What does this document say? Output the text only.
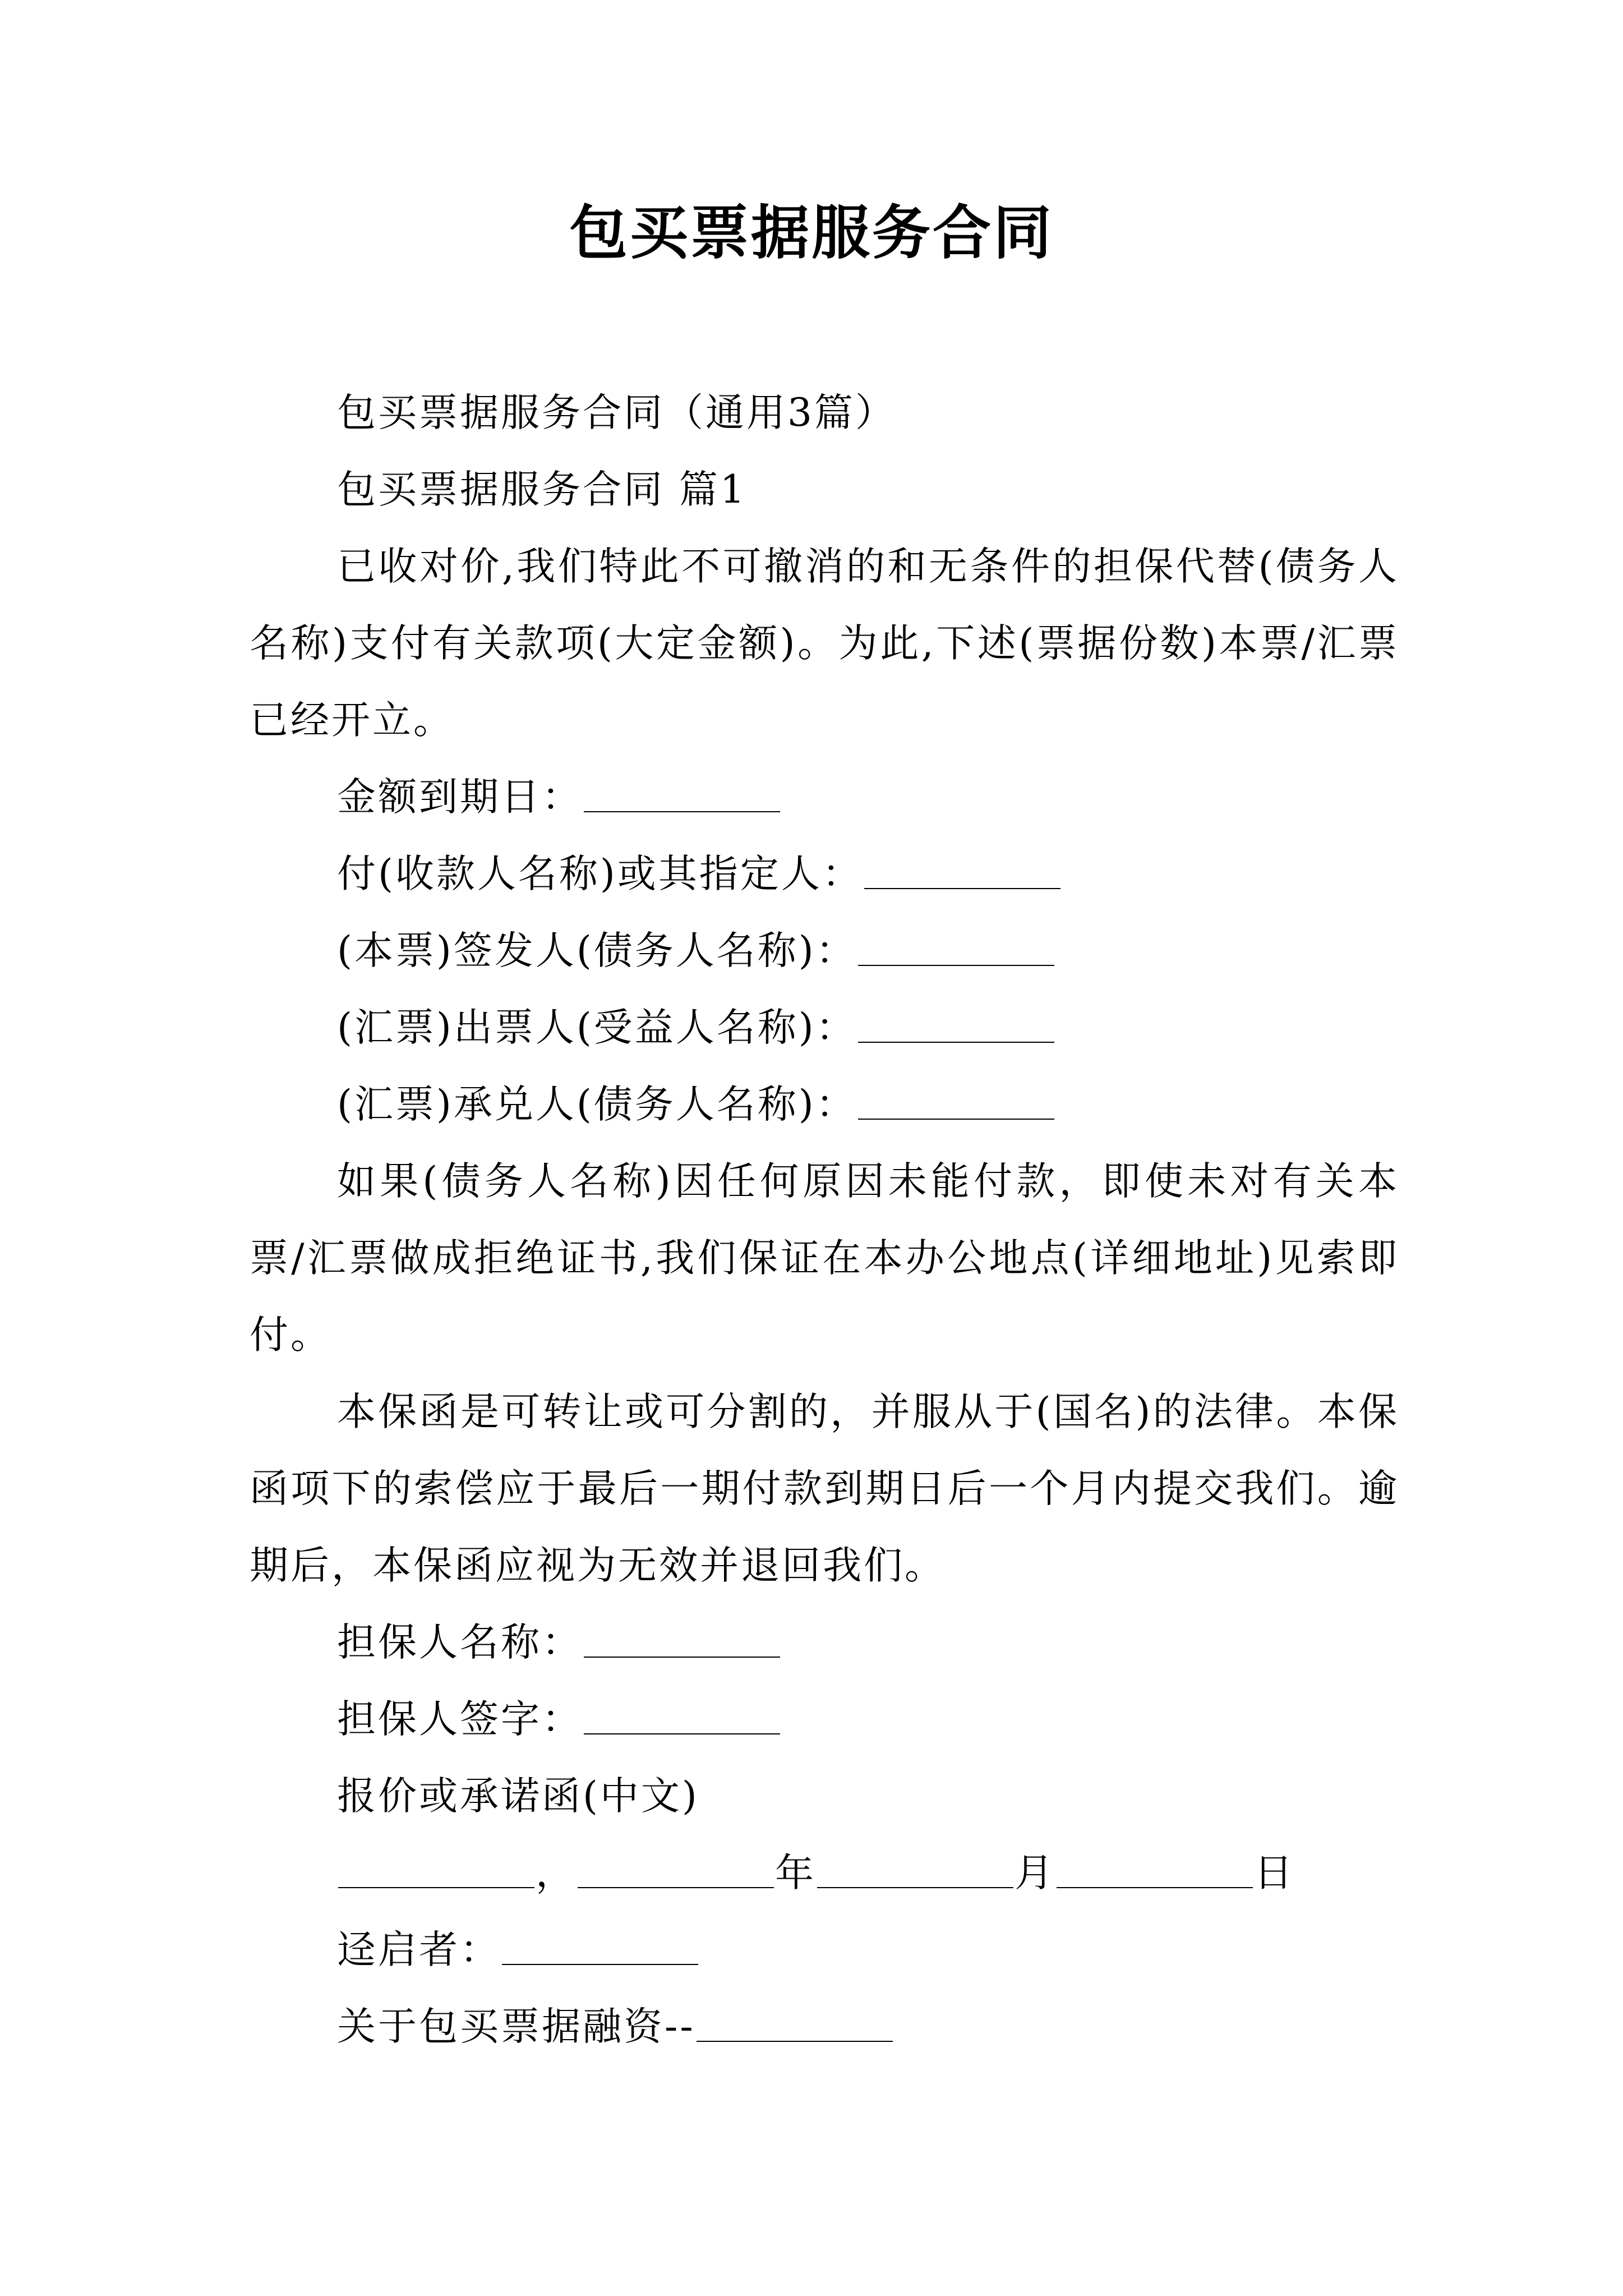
包买票据服务合同

包买票据服务合同（通用3篇）

包买票据服务合同 篇1

已收对价,我们特此不可撤消的和无条件的担保代替(债务人名称)支付有关款项(大定金额)。为此,下述(票据份数)本票/汇票已经开立。

金额到期日：

付(收款人名称)或其指定人：

(本票)签发人(债务人名称)：

(汇票)出票人(受益人名称)：

(汇票)承兑人(债务人名称)：

如果(债务人名称)因任何原因未能付款，即使未对有关本票/汇票做成拒绝证书,我们保证在本办公地点(详细地址)见索即付。

本保函是可转让或可分割的，并服从于(国名)的法律。本保函项下的索偿应于最后一期付款到期日后一个月内提交我们。逾期后，本保函应视为无效并退回我们。

担保人名称：

担保人签字：

报价或承诺函(中文)

，	年	月	日

迳启者：

关于包买票据融资--
